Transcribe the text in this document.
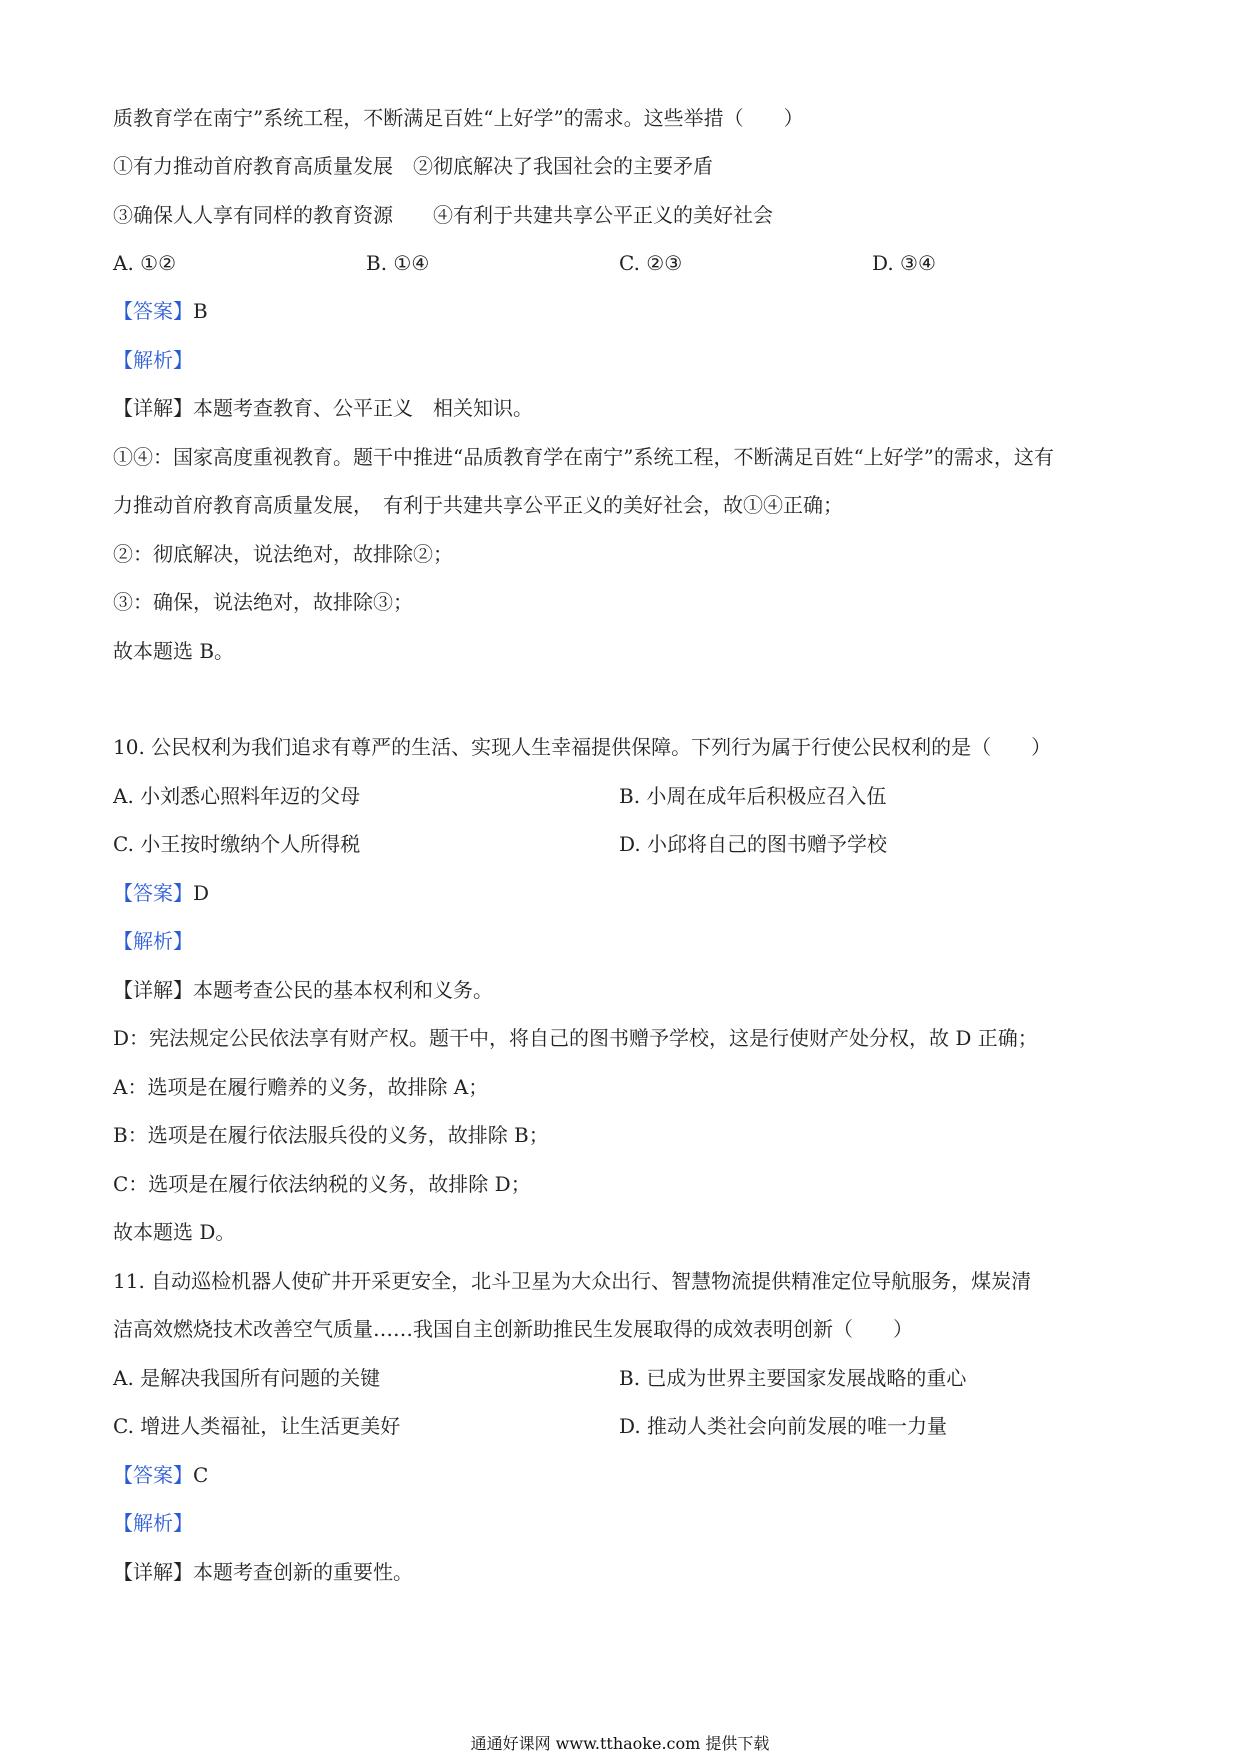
质教育学在南宁”系统工程，不断满足百姓“上好学”的需求。这些举措（　　）
①有力推动首府教育高质量发展　②彻底解决了我国社会的主要矛盾
③确保人人享有同样的教育资源　　④有利于共建共享公平正义的美好社会
A. ①②	B. ①④	C. ②③	D. ③④
【答案】B
【解析】
【详解】本题考查教育、公平正义　相关知识。
①④：国家高度重视教育。题干中推进“品质教育学在南宁”系统工程，不断满足百姓“上好学”的需求，这有
力推动首府教育高质量发展，　有利于共建共享公平正义的美好社会，故①④正确；
②：彻底解决，说法绝对，故排除②；
③：确保，说法绝对，故排除③；
故本题选 B。
10. 公民权利为我们追求有尊严的生活、实现人生幸福提供保障。下列行为属于行使公民权利的是（　　）
A. 小刘悉心照料年迈的父母	B. 小周在成年后积极应召入伍
C. 小王按时缴纳个人所得税	D. 小邱将自己的图书赠予学校
【答案】D
【解析】
【详解】本题考查公民的基本权利和义务。
D：宪法规定公民依法享有财产权。题干中，将自己的图书赠予学校，这是行使财产处分权，故 D 正确；
A：选项是在履行赡养的义务，故排除 A；
B：选项是在履行依法服兵役的义务，故排除 B；
C：选项是在履行依法纳税的义务，故排除 D；
故本题选 D。
11. 自动巡检机器人使矿井开采更安全，北斗卫星为大众出行、智慧物流提供精准定位导航服务，煤炭清
洁高效燃烧技术改善空气质量……我国自主创新助推民生发展取得的成效表明创新（　　）
A. 是解决我国所有问题的关键	B. 已成为世界主要国家发展战略的重心
C. 增进人类福祉，让生活更美好	D. 推动人类社会向前发展的唯一力量
【答案】C
【解析】
【详解】本题考查创新的重要性。
通通好课网 www.tthaoke.com 提供下载
